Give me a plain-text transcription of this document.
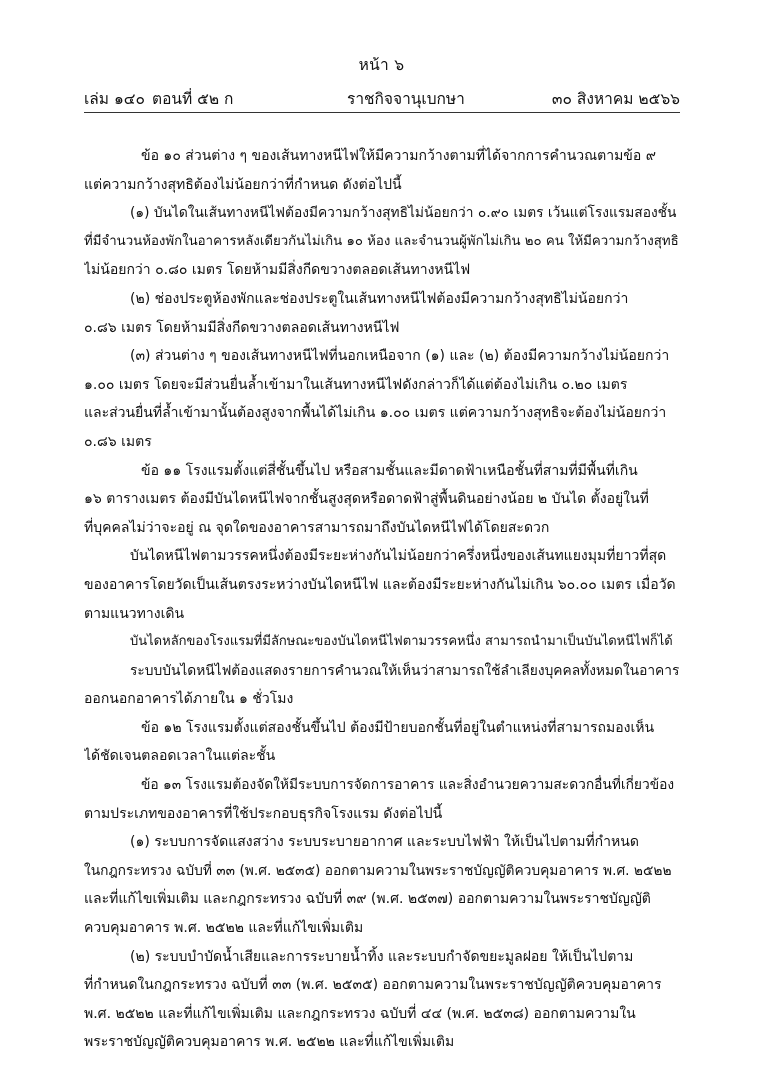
หน้า ๖
เล่ม ๑๔๐ ตอนที่ ๕๒ ก	ราชกิจจานุเบกษา	๓๐ สิงหาคม ๒๕๖๖
ข้อ ๑๐ ส่วนต่าง ๆ ของเส้นทางหนีไฟให้มีความกว้างตามที่ได้จากการคำนวณตามข้อ ๙
แต่ความกว้างสุทธิต้องไม่น้อยกว่าที่กำหนด ดังต่อไปนี้
(๑) บันไดในเส้นทางหนีไฟต้องมีความกว้างสุทธิไม่น้อยกว่า ๐.๙๐ เมตร เว้นแต่โรงแรมสองชั้น
ที่มีจำนวนห้องพักในอาคารหลังเดียวกันไม่เกิน ๑๐ ห้อง และจำนวนผู้พักไม่เกิน ๒๐ คน ให้มีความกว้างสุทธิ
ไม่น้อยกว่า ๐.๘๐ เมตร โดยห้ามมีสิ่งกีดขวางตลอดเส้นทางหนีไฟ
(๒) ช่องประตูห้องพักและช่องประตูในเส้นทางหนีไฟต้องมีความกว้างสุทธิไม่น้อยกว่า
๐.๘๖ เมตร โดยห้ามมีสิ่งกีดขวางตลอดเส้นทางหนีไฟ
(๓) ส่วนต่าง ๆ ของเส้นทางหนีไฟที่นอกเหนือจาก (๑) และ (๒) ต้องมีความกว้างไม่น้อยกว่า
๑.๐๐ เมตร โดยจะมีส่วนยื่นล้ำเข้ามาในเส้นทางหนีไฟดังกล่าวก็ได้แต่ต้องไม่เกิน ๐.๒๐ เมตร
และส่วนยื่นที่ล้ำเข้ามานั้นต้องสูงจากพื้นได้ไม่เกิน ๑.๐๐ เมตร แต่ความกว้างสุทธิจะต้องไม่น้อยกว่า
๐.๘๖ เมตร
ข้อ ๑๑ โรงแรมตั้งแต่สี่ชั้นขึ้นไป หรือสามชั้นและมีดาดฟ้าเหนือชั้นที่สามที่มีพื้นที่เกิน
๑๖ ตารางเมตร ต้องมีบันไดหนีไฟจากชั้นสูงสุดหรือดาดฟ้าสู่พื้นดินอย่างน้อย ๒ บันได ตั้งอยู่ในที่
ที่บุคคลไม่ว่าจะอยู่ ณ จุดใดของอาคารสามารถมาถึงบันไดหนีไฟได้โดยสะดวก
บันไดหนีไฟตามวรรคหนึ่งต้องมีระยะห่างกันไม่น้อยกว่าครึ่งหนึ่งของเส้นทแยงมุมที่ยาวที่สุด
ของอาคารโดยวัดเป็นเส้นตรงระหว่างบันไดหนีไฟ และต้องมีระยะห่างกันไม่เกิน ๖๐.๐๐ เมตร เมื่อวัด
ตามแนวทางเดิน
บันไดหลักของโรงแรมที่มีลักษณะของบันไดหนีไฟตามวรรคหนึ่ง สามารถนำมาเป็นบันไดหนีไฟก็ได้
ระบบบันไดหนีไฟต้องแสดงรายการคำนวณให้เห็นว่าสามารถใช้ลำเลียงบุคคลทั้งหมดในอาคาร
ออกนอกอาคารได้ภายใน ๑ ชั่วโมง
ข้อ ๑๒ โรงแรมตั้งแต่สองชั้นขึ้นไป ต้องมีป้ายบอกชั้นที่อยู่ในตำแหน่งที่สามารถมองเห็น
ได้ชัดเจนตลอดเวลาในแต่ละชั้น
ข้อ ๑๓ โรงแรมต้องจัดให้มีระบบการจัดการอาคาร และสิ่งอำนวยความสะดวกอื่นที่เกี่ยวข้อง
ตามประเภทของอาคารที่ใช้ประกอบธุรกิจโรงแรม ดังต่อไปนี้
(๑) ระบบการจัดแสงสว่าง ระบบระบายอากาศ และระบบไฟฟ้า ให้เป็นไปตามที่กำหนด
ในกฎกระทรวง ฉบับที่ ๓๓ (พ.ศ. ๒๕๓๕) ออกตามความในพระราชบัญญัติควบคุมอาคาร พ.ศ. ๒๕๒๒
และที่แก้ไขเพิ่มเติม และกฎกระทรวง ฉบับที่ ๓๙ (พ.ศ. ๒๕๓๗) ออกตามความในพระราชบัญญัติ
ควบคุมอาคาร พ.ศ. ๒๕๒๒ และที่แก้ไขเพิ่มเติม
(๒) ระบบบำบัดน้ำเสียและการระบายน้ำทิ้ง และระบบกำจัดขยะมูลฝอย ให้เป็นไปตาม
ที่กำหนดในกฎกระทรวง ฉบับที่ ๓๓ (พ.ศ. ๒๕๓๕) ออกตามความในพระราชบัญญัติควบคุมอาคาร
พ.ศ. ๒๕๒๒ และที่แก้ไขเพิ่มเติม และกฎกระทรวง ฉบับที่ ๔๔ (พ.ศ. ๒๕๓๘) ออกตามความใน
พระราชบัญญัติควบคุมอาคาร พ.ศ. ๒๕๒๒ และที่แก้ไขเพิ่มเติม
